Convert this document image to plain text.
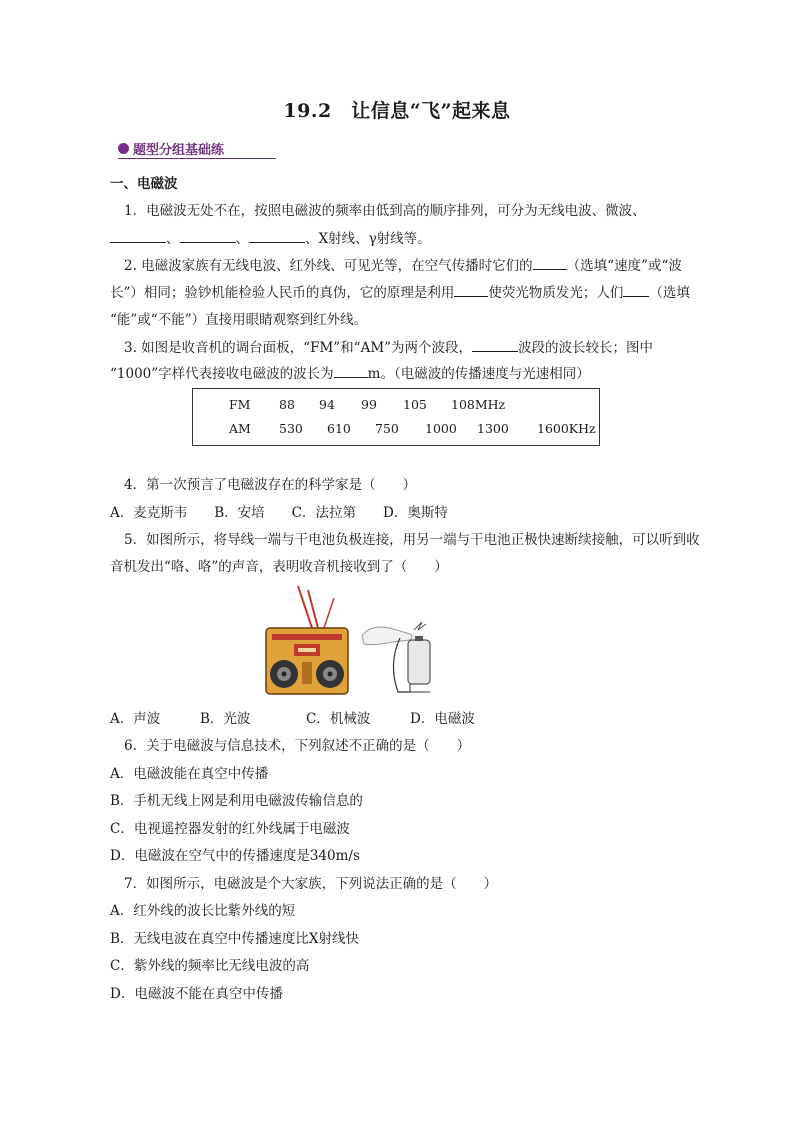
19.2　让信息“飞”起来息
题型分组基础练
一、电磁波
1．电磁波无处不在，按照电磁波的频率由低到高的顺序排列，可分为无线电波、微波、
、	、	、X射线、γ射线等。
2. 电磁波家族有无线电波、红外线、可见光等，在空气传播时它们的	（选填“速度”或“波
长”）相同；验钞机能检验人民币的真伪，它的原理是利用	使荧光物质发光；人们 （选填
“能”或“不能”）直接用眼睛观察到红外线。
3. 如图是收音机的调台面板，“FM”和“AM”为两个波段，	波段的波长较长；图中
“1000”字样代表接收电磁波的波长为	m。（电磁波的传播速度与光速相同）
FM 88 94 99 105 108MHz
AM 530 610 750 1000 1300 1600KHz
4．第一次预言了电磁波存在的科学家是（　　）
A．麦克斯韦　　B．安培　　C．法拉第　　D．奥斯特
5．如图所示，将导线一端与干电池负极连接，用另一端与干电池正极快速断续接触，可以听到收
音机发出“咯、咯”的声音，表明收音机接收到了（　　）
A．声波	B．光波	C．机械波	D．电磁波
6．关于电磁波与信息技术，下列叙述不正确的是（　　）
A．电磁波能在真空中传播
B．手机无线上网是利用电磁波传输信息的
C．电视遥控器发射的红外线属于电磁波
D．电磁波在空气中的传播速度是340m/s
7．如图所示，电磁波是个大家族，下列说法正确的是（　　）
A．红外线的波长比紫外线的短
B．无线电波在真空中传播速度比X射线快
C．紫外线的频率比无线电波的高
D．电磁波不能在真空中传播
